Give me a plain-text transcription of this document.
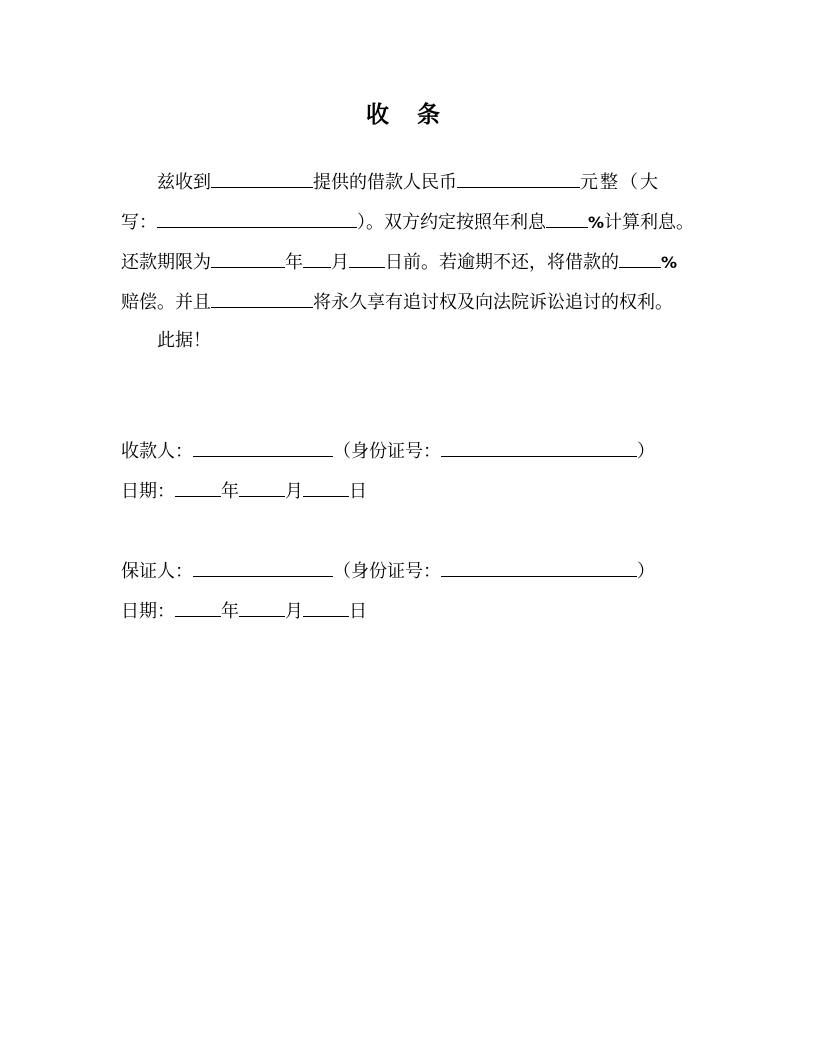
收 条
兹收到	提供的借款人民币	元整（大
写：	）。双方约定按照年利息	% 计算利息。
还款期限为	年 月 日前。若逾期不还，将借款的	%
赔偿。并且	将永久享有追讨权及向法院诉讼追讨的权利。
此据！
收款人：	（身份证号：	）
日期：	年	月	日
保证人：	（身份证号：	）
日期：	年	月	日
